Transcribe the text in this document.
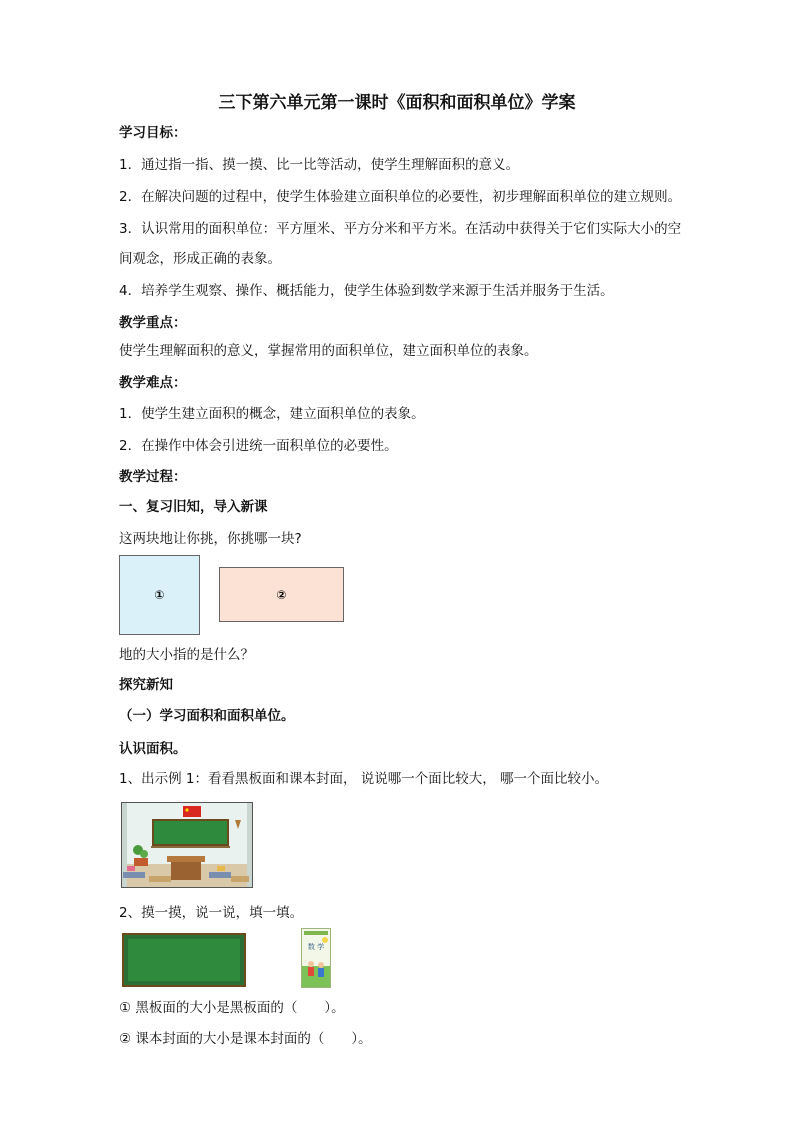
三下第六单元第一课时《面积和面积单位》学案
学习目标：
1．通过指一指、摸一摸、比一比等活动，使学生理解面积的意义。
2．在解决问题的过程中，使学生体验建立面积单位的必要性，初步理解面积单位的建立规则。
3．认识常用的面积单位：平方厘米、平方分米和平方米。在活动中获得关于它们实际大小的空
间观念，形成正确的表象。
4．培养学生观察、操作、概括能力，使学生体验到数学来源于生活并服务于生活。
教学重点：
使学生理解面积的意义，掌握常用的面积单位，建立面积单位的表象。
教学难点：
1．使学生建立面积的概念，建立面积单位的表象。
2．在操作中体会引进统一面积单位的必要性。
教学过程：
一、复习旧知，导入新课
这两块地让你挑，你挑哪一块?
①	②
地的大小指的是什么？
探究新知
（一）学习面积和面积单位。
认识面积。
1、出示例 1：看看黑板面和课本封面， 说说哪一个面比较大， 哪一个面比较小。
2、摸一摸，说一说，填一填。
数 学
① 黑板面的大小是黑板面的（　　）。
② 课本封面的大小是课本封面的（　　）。
